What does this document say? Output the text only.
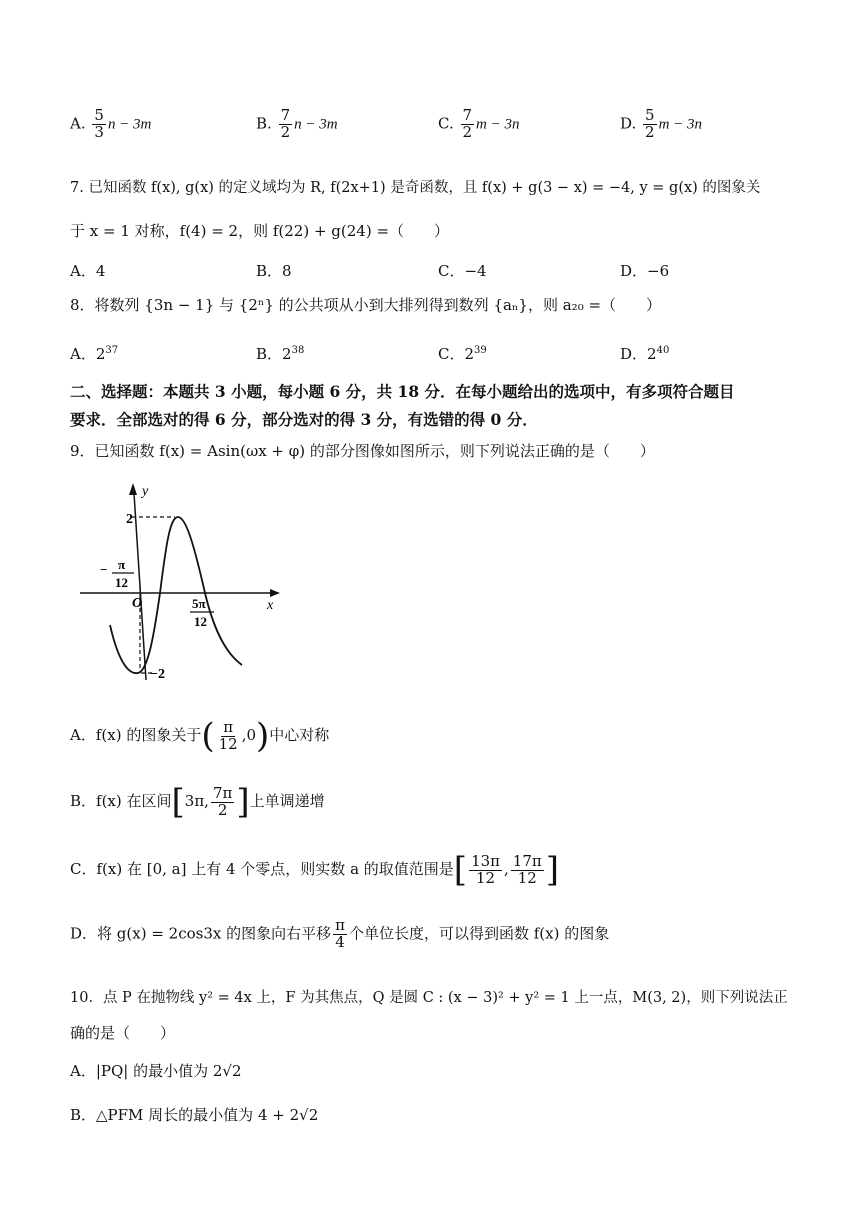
A. $\frac{5}{3}$ n − 3m	B. $\frac{7}{2}$ n − 3m	C. $\frac{7}{2}$ m − 3n	D. $\frac{5}{2}$ m − 3n
7. 已知函数 f(x), g(x) 的定义域均为 R, f(2x+1) 是奇函数，且 f(x) + g(3 − x) = −4, y = g(x) 的图象关
于 x = 1 对称，f(4) = 2，则 f(22) + g(24) =（　　）
A．4	B．8	C．−4	D．−6
8．将数列 {3n − 1} 与 {2ⁿ} 的公共项从小到大排列得到数列 {aₙ}，则 a₂₀ =（　　）
A．$2^{37}$	B．$2^{38}$	C．$2^{39}$	D．$2^{40}$
二、选择题：本题共 3 小题，每小题 6 分，共 18 分．在每小题给出的选项中，有多项符合题目
要求．全部选对的得 6 分，部分选对的得 3 分，有选错的得 0 分．
9．已知函数 f(x) = Asin(ωx + φ) 的部分图像如图所示，则下列说法正确的是（　　）
y
x
2
−2
O
− π
12
5π
12
A．f(x) 的图象关于( $\frac{\pi}{12} ,0$)中心对称
B．f(x) 在区间[3π, $\frac{7\pi}{2}$ ]上单调递增
C．f(x) 在 [0, a] 上有 4 个零点，则实数 a 的取值范围是[ $\frac{13\pi}{12}$ , $\frac{17\pi}{12}$ ]
D．将 g(x) = 2cos3x 的图象向右平移 $\frac{\pi}{4}$ 个单位长度，可以得到函数 f(x) 的图象
10．点 P 在抛物线 y² = 4x 上，F 为其焦点，Q 是圆 C : (x − 3)² + y² = 1 上一点，M(3, 2)，则下列说法正
确的是（　　）
A．|PQ| 的最小值为 2√2
B．△PFM 周长的最小值为 4 + 2√2
